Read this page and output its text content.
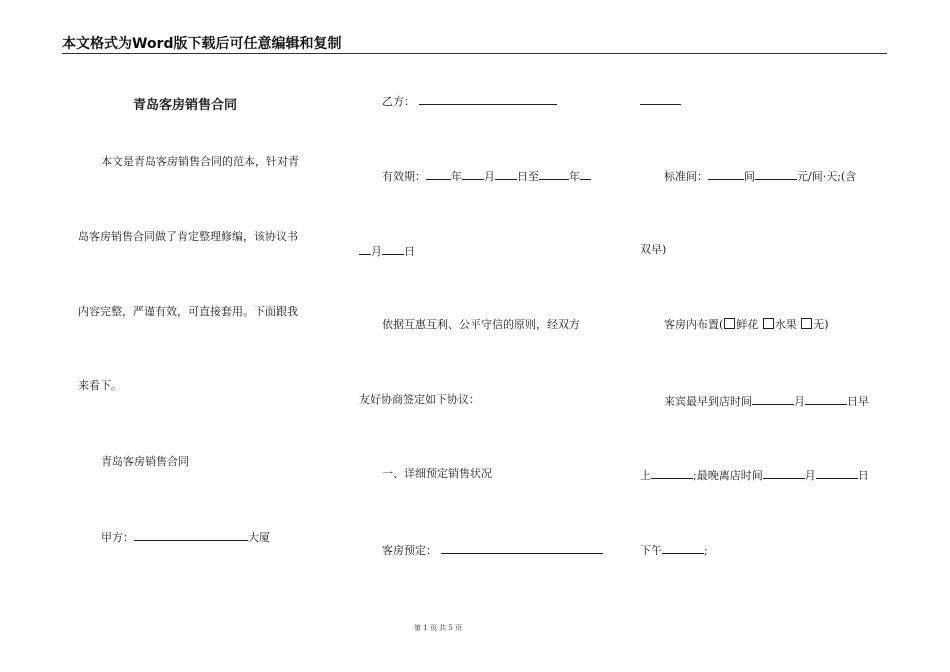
本文格式为Word版下载后可任意编辑和复制
青岛客房销售合同
本文是青岛客房销售合同的范本，针对青
岛客房销售合同做了肯定整理修编，该协议书
内容完整，严谨有效，可直接套用。下面跟我
来看下。
青岛客房销售合同
甲方：	大厦
乙方：
有效期： 年 月 日至	年
月 日
依据互惠互利、公平守信的原则，经双方
友好协商签定如下协议：
一、详细预定销售状况
客房预定：
标准间：	间	元/间·天;(含
双早)
客房内布置( 鲜花 水果 无)
来宾最早到店时间	月	日早
上	;最晚离店时间	月	日
下午	;
第 1 页 共 5 页
